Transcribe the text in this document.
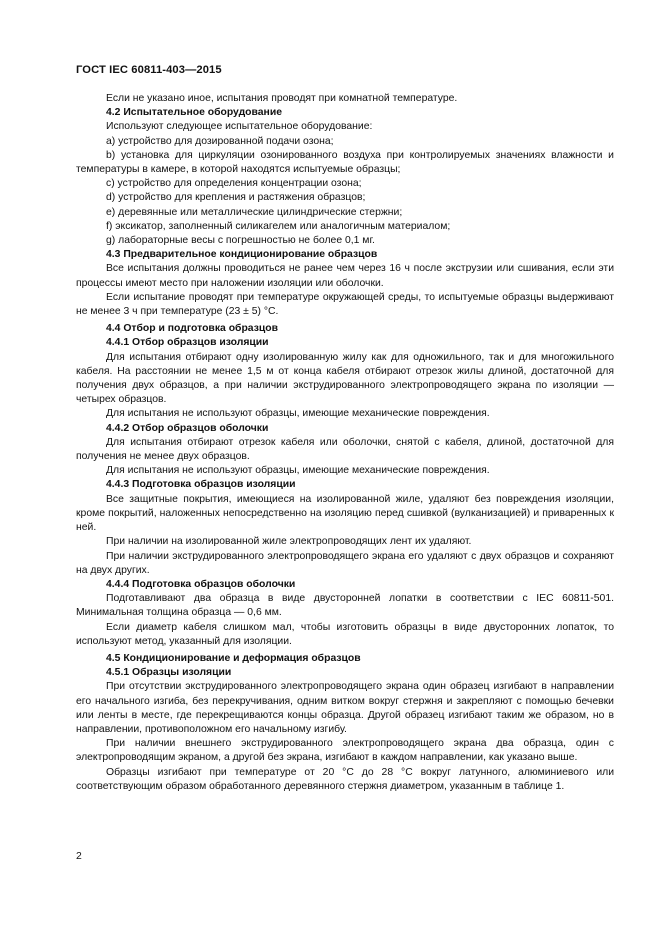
ГОСТ IEC 60811-403—2015
Если не указано иное, испытания проводят при комнатной температуре.
4.2 Испытательное оборудование
Используют следующее испытательное оборудование:
a) устройство для дозированной подачи озона;
b) установка для циркуляции озонированного воздуха при контролируемых значениях влажности и температуры в камере, в которой находятся испытуемые образцы;
c) устройство для определения концентрации озона;
d) устройство для крепления и растяжения образцов;
e) деревянные или металлические цилиндрические стержни;
f) эксикатор, заполненный силикагелем или аналогичным материалом;
g) лабораторные весы с погрешностью не более 0,1 мг.
4.3 Предварительное кондиционирование образцов
Все испытания должны проводиться не ранее чем через 16 ч после экструзии или сшивания, если эти процессы имеют место при наложении изоляции или оболочки.
Если испытание проводят при температуре окружающей среды, то испытуемые образцы выдерживают не менее 3 ч при температуре (23 ± 5) °С.
4.4 Отбор и подготовка образцов
4.4.1 Отбор образцов изоляции
Для испытания отбирают одну изолированную жилу как для одножильного, так и для многожильного кабеля. На расстоянии не менее 1,5 м от конца кабеля отбирают отрезок жилы длиной, достаточной для получения двух образцов, а при наличии экструдированного электропроводящего экрана по изоляции — четырех образцов.
Для испытания не используют образцы, имеющие механические повреждения.
4.4.2 Отбор образцов оболочки
Для испытания отбирают отрезок кабеля или оболочки, снятой с кабеля, длиной, достаточной для получения не менее двух образцов.
Для испытания не используют образцы, имеющие механические повреждения.
4.4.3 Подготовка образцов изоляции
Все защитные покрытия, имеющиеся на изолированной жиле, удаляют без повреждения изоляции, кроме покрытий, наложенных непосредственно на изоляцию перед сшивкой (вулканизацией) и приваренных к ней.
При наличии на изолированной жиле электропроводящих лент их удаляют.
При наличии экструдированного электропроводящего экрана его удаляют с двух образцов и сохраняют на двух других.
4.4.4 Подготовка образцов оболочки
Подготавливают два образца в виде двусторонней лопатки в соответствии с IEC 60811-501. Минимальная толщина образца — 0,6 мм.
Если диаметр кабеля слишком мал, чтобы изготовить образцы в виде двусторонних лопаток, то используют метод, указанный для изоляции.
4.5 Кондиционирование и деформация образцов
4.5.1 Образцы изоляции
При отсутствии экструдированного электропроводящего экрана один образец изгибают в направлении его начального изгиба, без перекручивания, одним витком вокруг стержня и закрепляют с помощью бечевки или ленты в месте, где перекрещиваются концы образца. Другой образец изгибают таким же образом, но в направлении, противоположном его начальному изгибу.
При наличии внешнего экструдированного электропроводящего экрана два образца, один с электропроводящим экраном, а другой без экрана, изгибают в каждом направлении, как указано выше.
Образцы изгибают при температуре от 20 °С до 28 °С вокруг латунного, алюминиевого или соответствующим образом обработанного деревянного стержня диаметром, указанным в таблице 1.
2
